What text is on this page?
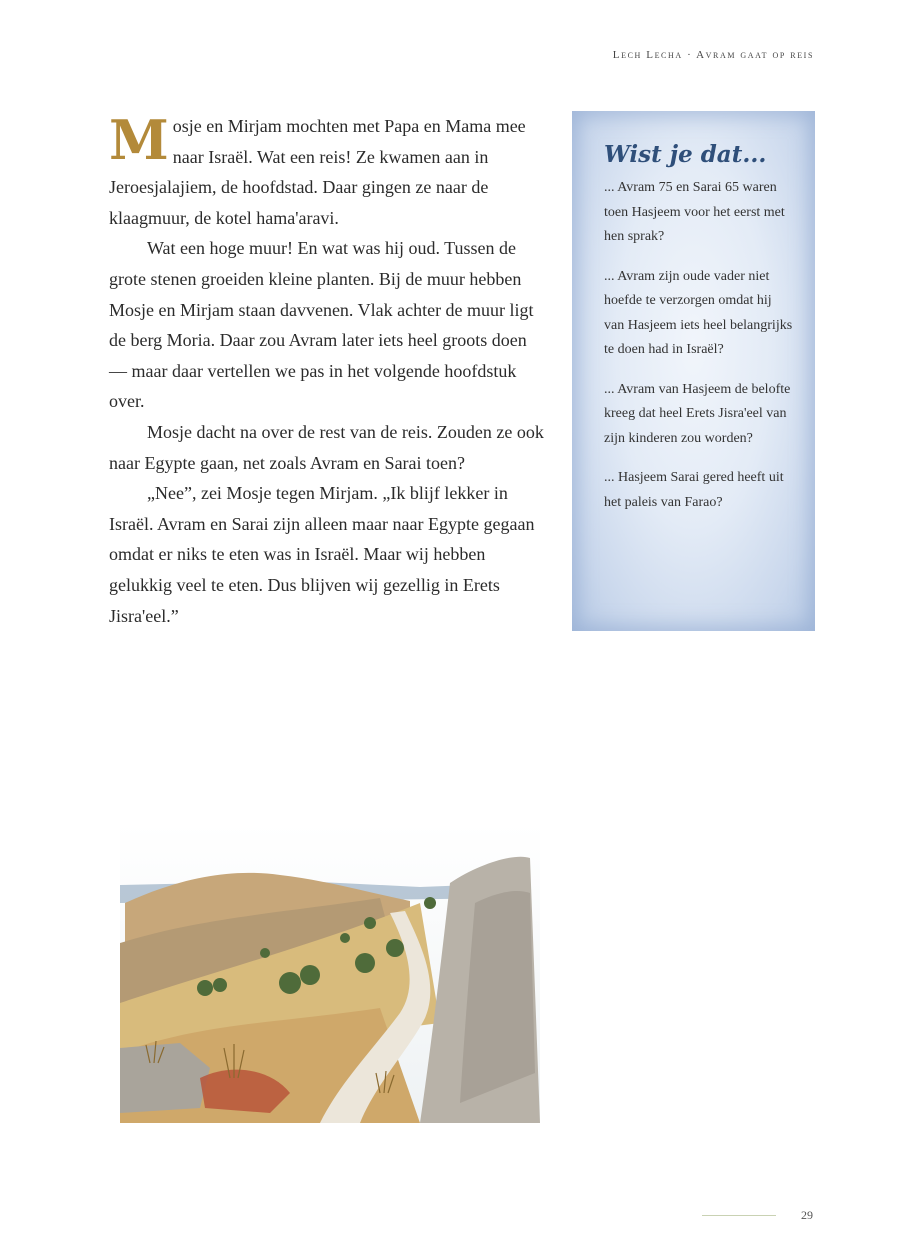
Lech Lecha · Avram gaat op reis

Mosje en Mirjam mochten met Papa en Mama mee naar Israël. Wat een reis! Ze kwamen aan in Jeroesjalajiem, de hoofdstad. Daar gingen ze naar de klaagmuur, de kotel hama'aravi.

Wat een hoge muur! En wat was hij oud. Tussen de grote stenen groeiden kleine planten. Bij de muur hebben Mosje en Mirjam staan davvenen. Vlak achter de muur ligt de berg Moria. Daar zou Avram later iets heel groots doen — maar daar vertellen we pas in het volgende hoofdstuk over.

Mosje dacht na over de rest van de reis. Zouden ze ook naar Egypte gaan, net zoals Avram en Sarai toen?

„Nee”, zei Mosje tegen Mirjam. „Ik blijf lekker in Israël. Avram en Sarai zijn alleen maar naar Egypte gegaan omdat er niks te eten was in Israël. Maar wij hebben gelukkig veel te eten. Dus blijven wij gezellig in Erets Jisra'eel.”

Wist je dat...

... Avram 75 en Sarai 65 waren toen Hasjeem voor het eerst met hen sprak?

... Avram zijn oude vader niet hoefde te verzorgen omdat hij van Hasjeem iets heel belangrijks te doen had in Israël?

... Avram van Hasjeem de belofte kreeg dat heel Erets Jisra'eel van zijn kinderen zou worden?

... Hasjeem Sarai gered heeft uit het paleis van Farao?

29
